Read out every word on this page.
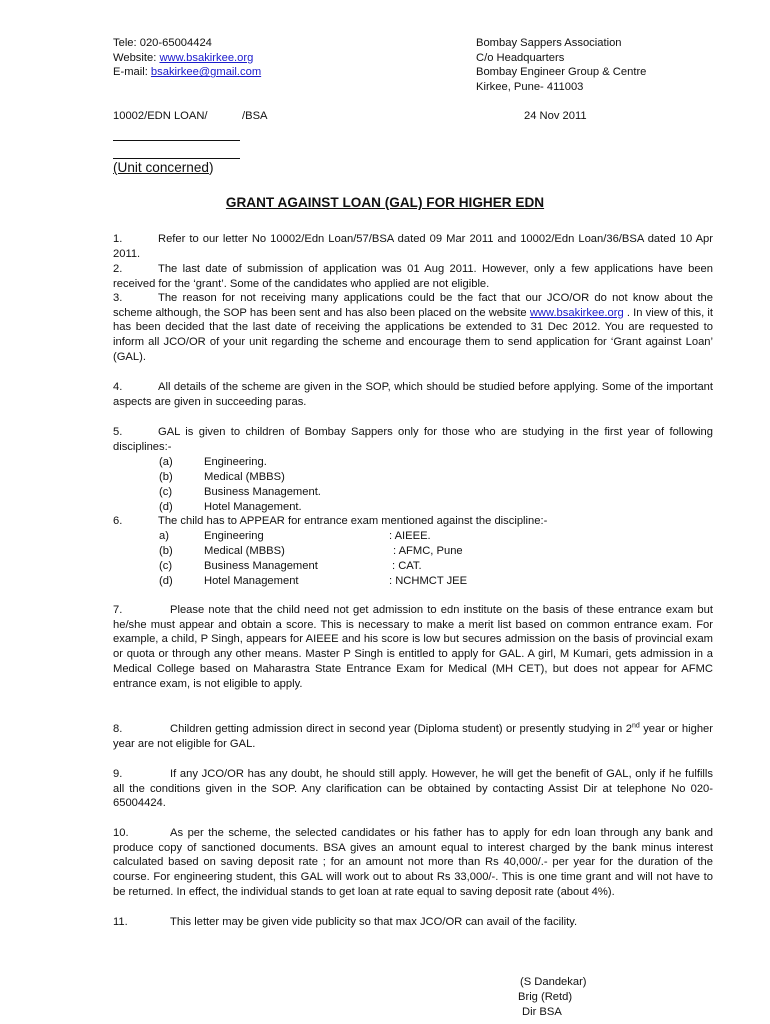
Tele: 020-65004424
Website: www.bsakirkee.org
E-mail: bsakirkee@gmail.com
Bombay Sappers Association
C/o Headquarters
Bombay Engineer Group & Centre
Kirkee, Pune- 411003
10002/EDN LOAN/	/BSA	24 Nov 2011
(Unit concerned)
GRANT AGAINST LOAN (GAL) FOR HIGHER EDN

1.	Refer to our letter No 10002/Edn Loan/57/BSA dated 09 Mar 2011 and 10002/Edn Loan/36/BSA dated 10 Apr 2011.

2.	The last date of submission of application was 01 Aug 2011. However, only a few applications have been received for the ‘grant’. Some of the candidates who applied are not eligible.

3.	The reason for not receiving many applications could be the fact that our JCO/OR do not know about the scheme although, the SOP has been sent and has also been placed on the website www.bsakirkee.org . In view of this, it has been decided that the last date of receiving the applications be extended to 31 Dec 2012. You are requested to inform all JCO/OR of your unit regarding the scheme and encourage them to send application for ‘Grant against Loan’ (GAL).

4.	All details of the scheme are given in the SOP, which should be studied before applying. Some of the important aspects are given in succeeding paras.

5.	GAL is given to children of Bombay Sappers only for those who are studying in the first year of following disciplines:-

(a)	Engineering.
(b)	Medical (MBBS)
(c)	Business Management.
(d)	Hotel Management.

6.	The child has to APPEAR for entrance exam mentioned against the discipline:-

a)	Engineering	: AIEEE.
(b)	Medical (MBBS)	: AFMC, Pune
(c)	Business Management	: CAT.
(d)	Hotel Management	: NCHMCT JEE

7.	Please note that the child need not get admission to edn institute on the basis of these entrance exam but he/she must appear and obtain a score. This is necessary to make a merit list based on common entrance exam. For example, a child, P Singh, appears for AIEEE and his score is low but secures admission on the basis of provincial exam or quota or through any other means. Master P Singh is entitled to apply for GAL. A girl, M Kumari, gets admission in a Medical College based on Maharastra State Entrance Exam for Medical (MH CET), but does not appear for AFMC entrance exam, is not eligible to apply.

8.	Children getting admission direct in second year (Diploma student) or presently studying in 2nd year or higher year are not eligible for GAL.

9.	If any JCO/OR has any doubt, he should still apply. However, he will get the benefit of GAL, only if he fulfills all the conditions given in the SOP. Any clarification can be obtained by contacting Assist Dir at telephone No 020-65004424.

10.	As per the scheme, the selected candidates or his father has to apply for edn loan through any bank and produce copy of sanctioned documents. BSA gives an amount equal to interest charged by the bank minus interest calculated based on saving deposit rate ; for an amount not more than Rs 40,000/.- per year for the duration of the course. For engineering student, this GAL will work out to about Rs 33,000/-. This is one time grant and will not have to be returned. In effect, the individual stands to get loan at rate equal to saving deposit rate (about 4%).

11.	This letter may be given vide publicity so that max JCO/OR can avail of the facility.

(S Dandekar)
Brig (Retd)
Dir BSA
